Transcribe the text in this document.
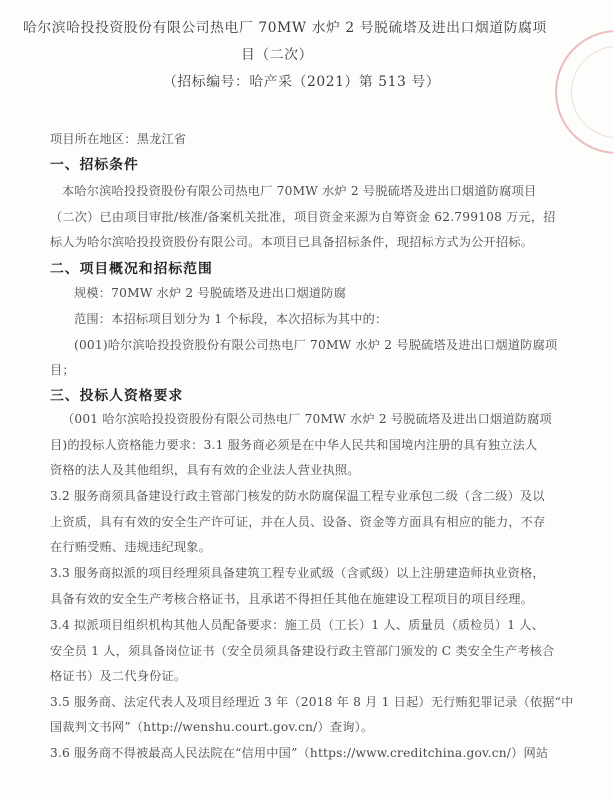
哈尔滨哈投投资股份有限公司热电厂 70MW 水炉 2 号脱硫塔及进出口烟道防腐项
目（二次）
（招标编号：哈产采（2021）第 513 号）
项目所在地区：黑龙江省
一、招标条件
本哈尔滨哈投投资股份有限公司热电厂 70MW 水炉 2 号脱硫塔及进出口烟道防腐项目
（二次）已由项目审批/核准/备案机关批准，项目资金来源为自筹资金 62.799108 万元，招
标人为哈尔滨哈投投资股份有限公司。本项目已具备招标条件，现招标方式为公开招标。
二、项目概况和招标范围
规模：70MW 水炉 2 号脱硫塔及进出口烟道防腐
范围：本招标项目划分为 1 个标段，本次招标为其中的：
(001)哈尔滨哈投投资股份有限公司热电厂 70MW 水炉 2 号脱硫塔及进出口烟道防腐项
目；
三、投标人资格要求
（001 哈尔滨哈投投资股份有限公司热电厂 70MW 水炉 2 号脱硫塔及进出口烟道防腐项
目)的投标人资格能力要求：3.1 服务商必须是在中华人民共和国境内注册的具有独立法人
资格的法人及其他组织，具有有效的企业法人营业执照。
3.2 服务商须具备建设行政主管部门核发的防水防腐保温工程专业承包二级（含二级）及以
上资质，具有有效的安全生产许可证，并在人员、设备、资金等方面具有相应的能力，不存
在行贿受贿、违规违纪现象。
3.3 服务商拟派的项目经理须具备建筑工程专业贰级（含贰级）以上注册建造师执业资格，
具备有效的安全生产考核合格证书，且承诺不得担任其他在施建设工程项目的项目经理。
3.4 拟派项目组织机构其他人员配备要求：施工员（工长）1 人、质量员（质检员）1 人、
安全员 1 人，须具备岗位证书（安全员须具备建设行政主管部门颁发的 C 类安全生产考核合
格证书）及二代身份证。
3.5 服务商、法定代表人及项目经理近 3 年（2018 年 8 月 1 日起）无行贿犯罪记录（依据“中
国裁判文书网”（http://wenshu.court.gov.cn/）查询）。
3.6 服务商不得被最高人民法院在“信用中国”（https://www.creditchina.gov.cn/）网站
